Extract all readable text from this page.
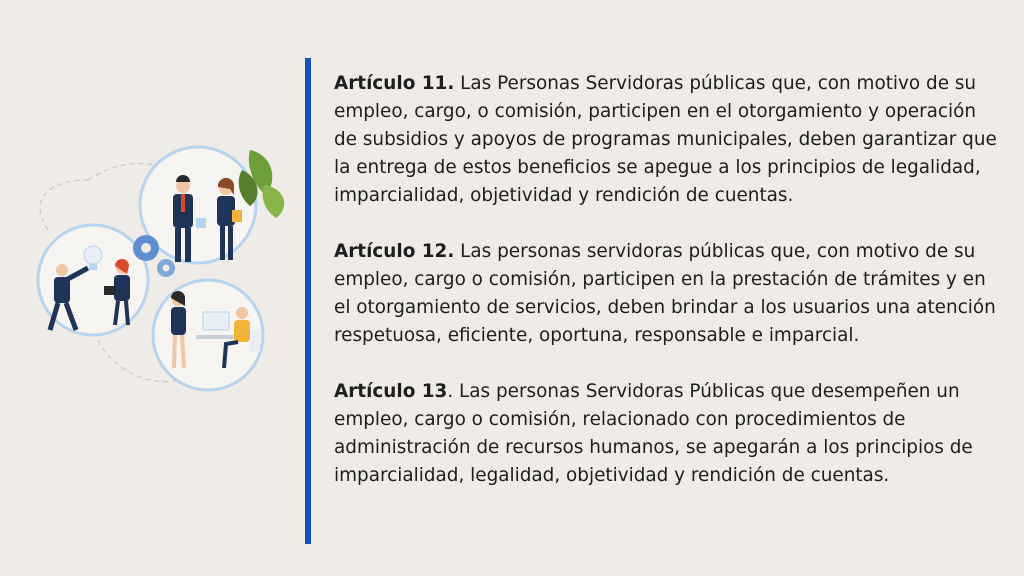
Artículo 11. Las Personas Servidoras públicas que, con motivo de su empleo, cargo, o comisión, participen en el otorgamiento y operación de subsidios y apoyos de programas municipales, deben garantizar que la entrega de estos beneficios se apegue a los principios de legalidad, imparcialidad, objetividad y rendición de cuentas.

Artículo 12. Las personas servidoras públicas que, con motivo de su empleo, cargo o comisión, participen en la prestación de trámites y en el otorgamiento de servicios, deben brindar a los usuarios una atención respetuosa, eficiente, oportuna, responsable e imparcial.

Artículo 13. Las personas Servidoras Públicas que desempeñen un empleo, cargo o comisión, relacionado con procedimientos de administración de recursos humanos, se apegarán a los principios de imparcialidad, legalidad, objetividad y rendición de cuentas.
